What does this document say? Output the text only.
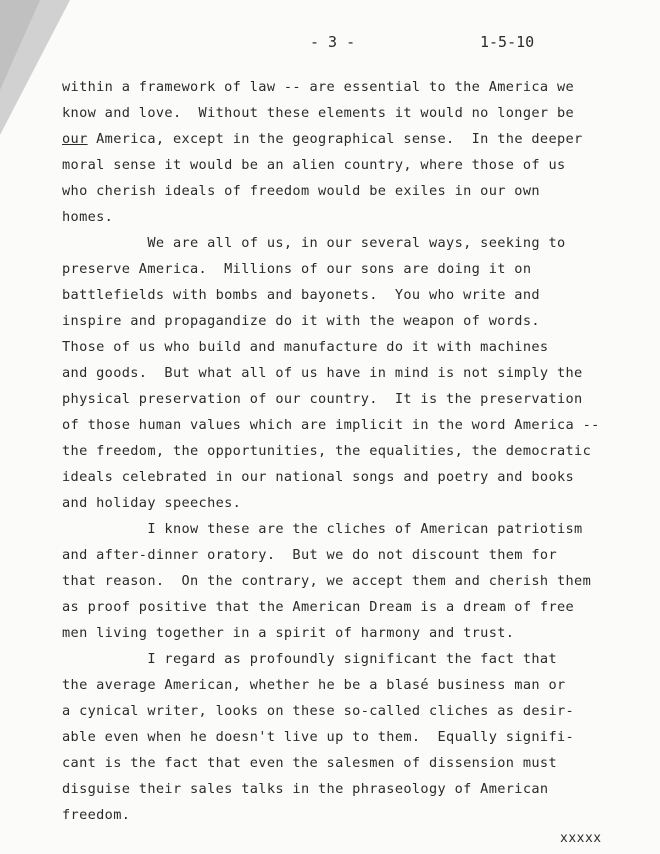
- 3 -	1-5-10
within a framework of law -- are essential to the America we
know and love.  Without these elements it would no longer be
our America, except in the geographical sense.  In the deeper
moral sense it would be an alien country, where those of us
who cherish ideals of freedom would be exiles in our own
homes.
We are all of us, in our several ways, seeking to
preserve America.  Millions of our sons are doing it on
battlefields with bombs and bayonets.  You who write and
inspire and propagandize do it with the weapon of words.
Those of us who build and manufacture do it with machines
and goods.  But what all of us have in mind is not simply the
physical preservation of our country.  It is the preservation
of those human values which are implicit in the word America --
the freedom, the opportunities, the equalities, the democratic
ideals celebrated in our national songs and poetry and books
and holiday speeches.
I know these are the cliches of American patriotism
and after-dinner oratory.  But we do not discount them for
that reason.  On the contrary, we accept them and cherish them
as proof positive that the American Dream is a dream of free
men living together in a spirit of harmony and trust.
I regard as profoundly significant the fact that
the average American, whether he be a blasé business man or
a cynical writer, looks on these so-called cliches as desir-
able even when he doesn't live up to them.  Equally signifi-
cant is the fact that even the salesmen of dissension must
disguise their sales talks in the phraseology of American
freedom.
xxxxx
